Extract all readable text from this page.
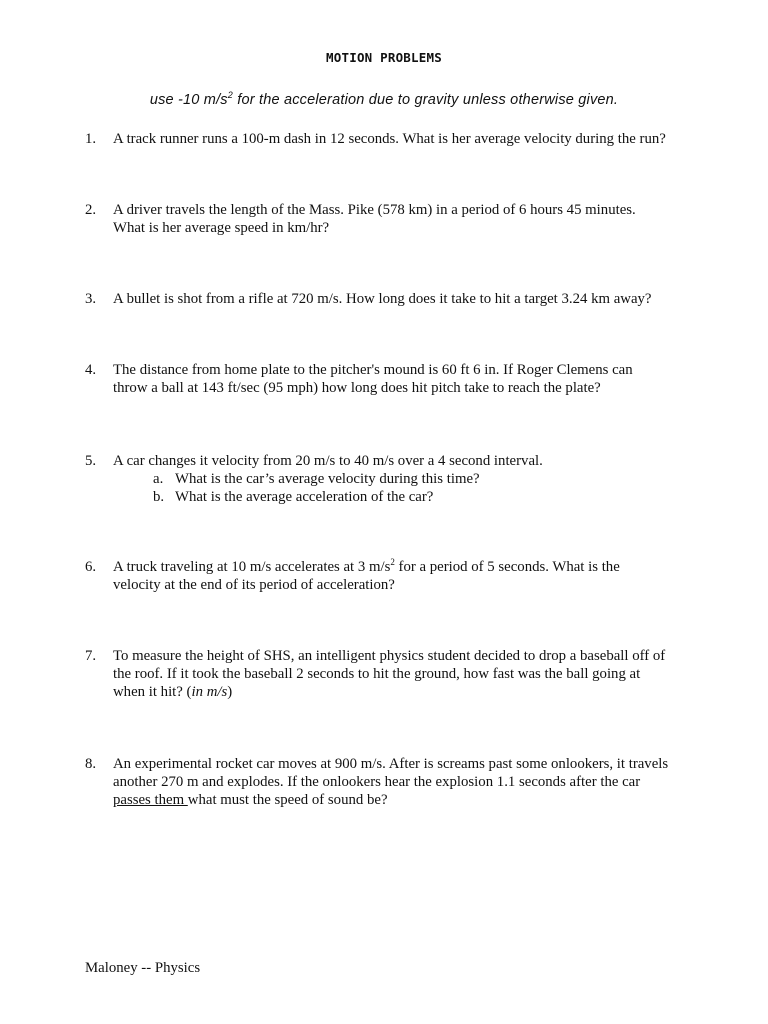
MOTION PROBLEMS
use -10 $m/s^2$ for the acceleration due to gravity unless otherwise given.
1. A track runner runs a 100-m dash in 12 seconds. What is her average velocity during the run?
2. A driver travels the length of the Mass. Pike (578 km) in a period of 6 hours 45 minutes.
What is her average speed in km/hr?
3. A bullet is shot from a rifle at 720 m/s. How long does it take to hit a target 3.24 km away?
4. The distance from home plate to the pitcher's mound is 60 ft 6 in. If Roger Clemens can
throw a ball at 143 ft/sec (95 mph) how long does hit pitch take to reach the plate?
5. A car changes it velocity from 20 m/s to 40 m/s over a 4 second interval.
a. What is the car’s average velocity during this time?
b. What is the average acceleration of the car?
6. A truck traveling at 10 m/s accelerates at 3 $m/s^2$ for a period of 5 seconds. What is the
velocity at the end of its period of acceleration?
7. To measure the height of SHS, an intelligent physics student decided to drop a baseball off of
the roof. If it took the baseball 2 seconds to hit the ground, how fast was the ball going at
when it hit? (in m/s)
8. An experimental rocket car moves at 900 m/s. After is screams past some onlookers, it travels
another 270 m and explodes. If the onlookers hear the explosion 1.1 seconds after the car
passes them what must the speed of sound be?
Maloney -- Physics
